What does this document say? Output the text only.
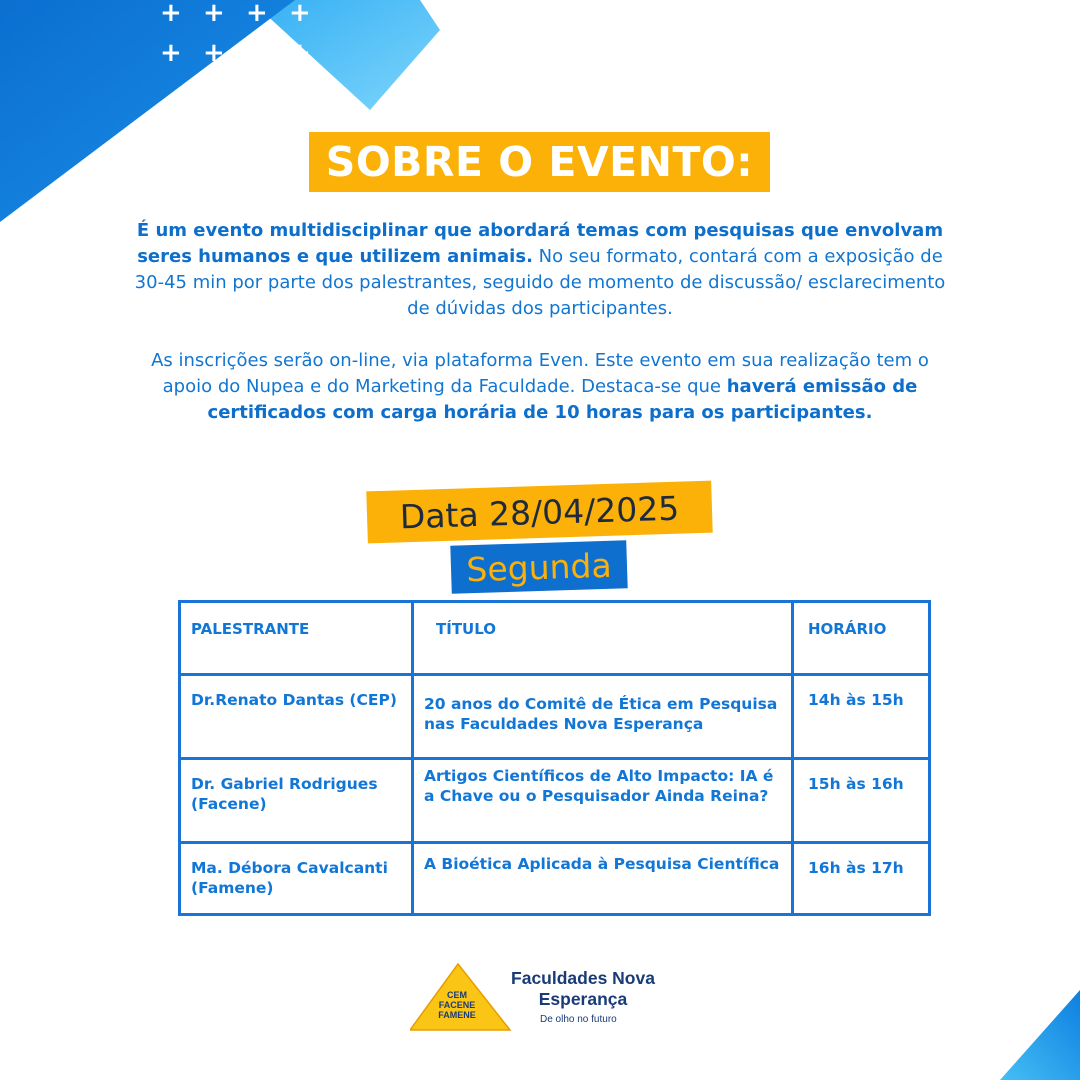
+ + + +
+ + + +
SOBRE O EVENTO:

É um evento multidisciplinar que abordará temas com pesquisas que envolvam seres humanos e que utilizem animais. No seu formato, contará com a exposição de 30-45 min por parte dos palestrantes, seguido de momento de discussão/ esclarecimento de dúvidas dos participantes.

As inscrições serão on-line, via plataforma Even. Este evento em sua realização tem o apoio do Nupea e do Marketing da Faculdade. Destaca-se que haverá emissão de certificados com carga horária de 10 horas para os participantes.

Data 28/04/2025
Segunda
PALESTRANTE	TÍTULO	HORÁRIO
Dr.Renato Dantas (CEP)	20 anos do Comitê de Ética em Pesquisa nas Faculdades Nova Esperança	14h às 15h
Dr. Gabriel Rodrigues (Facene)	Artigos Científicos de Alto Impacto: IA é a Chave ou o Pesquisador Ainda Reina?	15h às 16h
Ma. Débora Cavalcanti (Famene)	A Bioética Aplicada à Pesquisa Científica	16h às 17h
CEM
FACENE
FAMENE
Faculdades Nova Esperança
De olho no futuro
